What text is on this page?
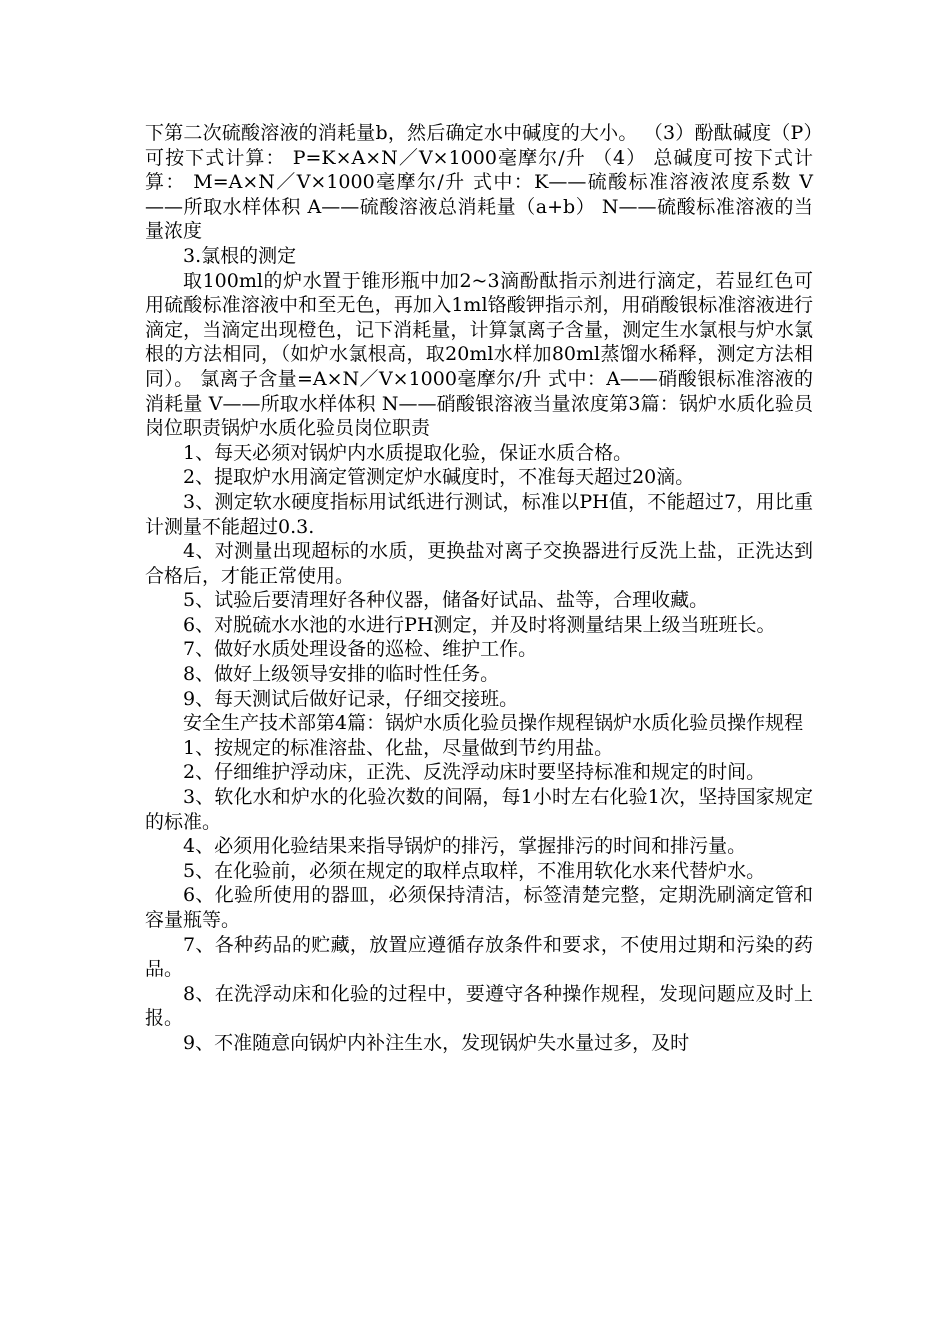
下第二次硫酸溶液的消耗量b，然后确定水中碱度的大小。 （3）酚酞碱度（P）可按下式计算： P=K×A×N／V×1000毫摩尔/升 （4） 总碱度可按下式计算： M=A×N／V×1000毫摩尔/升 式中：K——硫酸标准溶液浓度系数 V——所取水样体积 A——硫酸溶液总消耗量（a+b） N——硫酸标准溶液的当量浓度

3.氯根的测定

取100ml的炉水置于锥形瓶中加2~3滴酚酞指示剂进行滴定，若显红色可用硫酸标准溶液中和至无色，再加入1ml铬酸钾指示剂，用硝酸银标准溶液进行滴定，当滴定出现橙色，记下消耗量，计算氯离子含量，测定生水氯根与炉水氯根的方法相同，（如炉水氯根高，取20ml水样加80ml蒸馏水稀释，测定方法相同）。 氯离子含量=A×N／V×1000毫摩尔/升 式中：A——硝酸银标准溶液的消耗量 V——所取水样体积 N——硝酸银溶液当量浓度第3篇：锅炉水质化验员岗位职责锅炉水质化验员岗位职责

1、每天必须对锅炉内水质提取化验，保证水质合格。

2、提取炉水用滴定管测定炉水碱度时，不准每天超过20滴。

3、测定软水硬度指标用试纸进行测试，标准以PH值，不能超过7，用比重计测量不能超过0.3.

4、对测量出现超标的水质，更换盐对离子交换器进行反洗上盐，正洗达到合格后，才能正常使用。

5、试验后要清理好各种仪器，储备好试品、盐等，合理收藏。

6、对脱硫水水池的水进行PH测定，并及时将测量结果上级当班班长。

7、做好水质处理设备的巡检、维护工作。

8、做好上级领导安排的临时性任务。

9、每天测试后做好记录，仔细交接班。

安全生产技术部第4篇：锅炉水质化验员操作规程锅炉水质化验员操作规程

1、按规定的标准溶盐、化盐，尽量做到节约用盐。

2、仔细维护浮动床，正洗、反洗浮动床时要坚持标准和规定的时间。

3、软化水和炉水的化验次数的间隔，每1小时左右化验1次，坚持国家规定的标准。

4、必须用化验结果来指导锅炉的排污，掌握排污的时间和排污量。

5、在化验前，必须在规定的取样点取样，不准用软化水来代替炉水。

6、化验所使用的器皿，必须保持清洁，标签清楚完整，定期洗刷滴定管和容量瓶等。

7、各种药品的贮藏，放置应遵循存放条件和要求，不使用过期和污染的药品。

8、在洗浮动床和化验的过程中，要遵守各种操作规程，发现问题应及时上报。

9、不准随意向锅炉内补注生水，发现锅炉失水量过多，及时
